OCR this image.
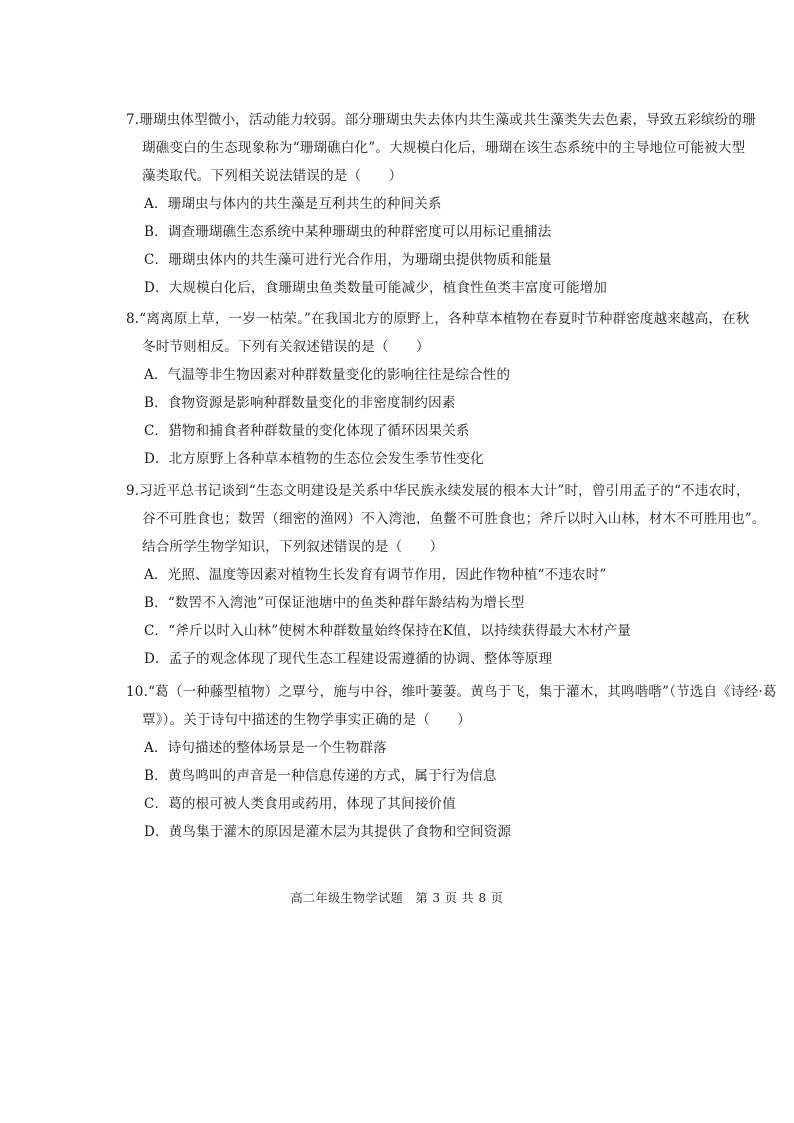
7.珊瑚虫体型微小，活动能力较弱。部分珊瑚虫失去体内共生藻或共生藻类失去色素，导致五彩缤纷的珊
瑚礁变白的生态现象称为“珊瑚礁白化”。大规模白化后，珊瑚在该生态系统中的主导地位可能被大型
藻类取代。下列相关说法错误的是（　　）
A．珊瑚虫与体内的共生藻是互利共生的种间关系
B．调查珊瑚礁生态系统中某种珊瑚虫的种群密度可以用标记重捕法
C．珊瑚虫体内的共生藻可进行光合作用，为珊瑚虫提供物质和能量
D．大规模白化后，食珊瑚虫鱼类数量可能减少，植食性鱼类丰富度可能增加
8.“离离原上草，一岁一枯荣。”在我国北方的原野上，各种草本植物在春夏时节种群密度越来越高，在秋
冬时节则相反。下列有关叙述错误的是（　　）
A．气温等非生物因素对种群数量变化的影响往往是综合性的
B．食物资源是影响种群数量变化的非密度制约因素
C．猎物和捕食者种群数量的变化体现了循环因果关系
D．北方原野上各种草本植物的生态位会发生季节性变化
9.习近平总书记谈到“生态文明建设是关系中华民族永续发展的根本大计”时，曾引用孟子的“不违农时，
谷不可胜食也；数罟（细密的渔网）不入湾池，鱼鳖不可胜食也；斧斤以时入山林，材木不可胜用也”。
结合所学生物学知识，下列叙述错误的是（　　）
A．光照、温度等因素对植物生长发育有调节作用，因此作物种植“不违农时”
B．“数罟不入湾池”可保证池塘中的鱼类种群年龄结构为增长型
C．“斧斤以时入山林”使树木种群数量始终保持在K值，以持续获得最大木材产量
D．孟子的观念体现了现代生态工程建设需遵循的协调、整体等原理
10.“葛（一种藤型植物）之覃兮，施与中谷，维叶萋萋。黄鸟于飞，集于灌木，其鸣喈喈”（节选自《诗经·葛
覃》）。关于诗句中描述的生物学事实正确的是（　　）
A．诗句描述的整体场景是一个生物群落
B．黄鸟鸣叫的声音是一种信息传递的方式，属于行为信息
C．葛的根可被人类食用或药用，体现了其间接价值
D．黄鸟集于灌木的原因是灌木层为其提供了食物和空间资源
高二年级生物学试题　第 3 页 共 8 页
